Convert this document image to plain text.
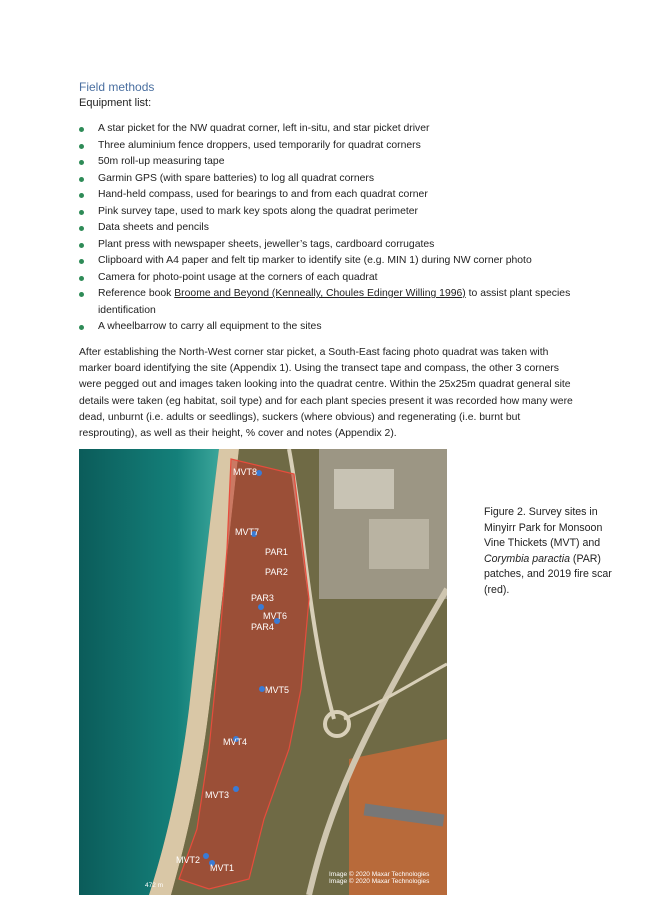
Field methods
Equipment list:
A star picket for the NW quadrat corner, left in-situ, and star picket driver
Three aluminium fence droppers, used temporarily for quadrat corners
50m roll-up measuring tape
Garmin GPS (with spare batteries) to log all quadrat corners
Hand-held compass, used for bearings to and from each quadrat corner
Pink survey tape, used to mark key spots along the quadrat perimeter
Data sheets and pencils
Plant press with newspaper sheets, jeweller’s tags, cardboard corrugates
Clipboard with A4 paper and felt tip marker to identify site (e.g. MIN 1) during NW corner photo
Camera for photo-point usage at the corners of each quadrat
Reference book Broome and Beyond (Kenneally, Choules Edinger Willing 1996) to assist plant species identification
A wheelbarrow to carry all equipment to the sites
After establishing the North-West corner star picket, a South-East facing photo quadrat was taken with marker board identifying the site (Appendix 1). Using the transect tape and compass, the other 3 corners were pegged out and images taken looking into the quadrat centre. Within the 25x25m quadrat general site details were taken (eg habitat, soil type) and for each plant species present it was recorded how many were dead, unburnt (i.e. adults or seedlings), suckers (where obvious) and regenerating (i.e. burnt but resprouting), as well as their height, % cover and notes (Appendix 2).
MVT8
MVT7
PAR1
PAR2
PAR3
MVT6
PAR4
MVT5
MVT4
MVT3
MVT2
MVT1
472 m
Image © 2020 Maxar Technologies
Image © 2020 Maxar Technologies
Figure 2. Survey sites in Minyirr Park for Monsoon Vine Thickets (MVT) and Corymbia paractia (PAR) patches, and 2019 fire scar (red).
